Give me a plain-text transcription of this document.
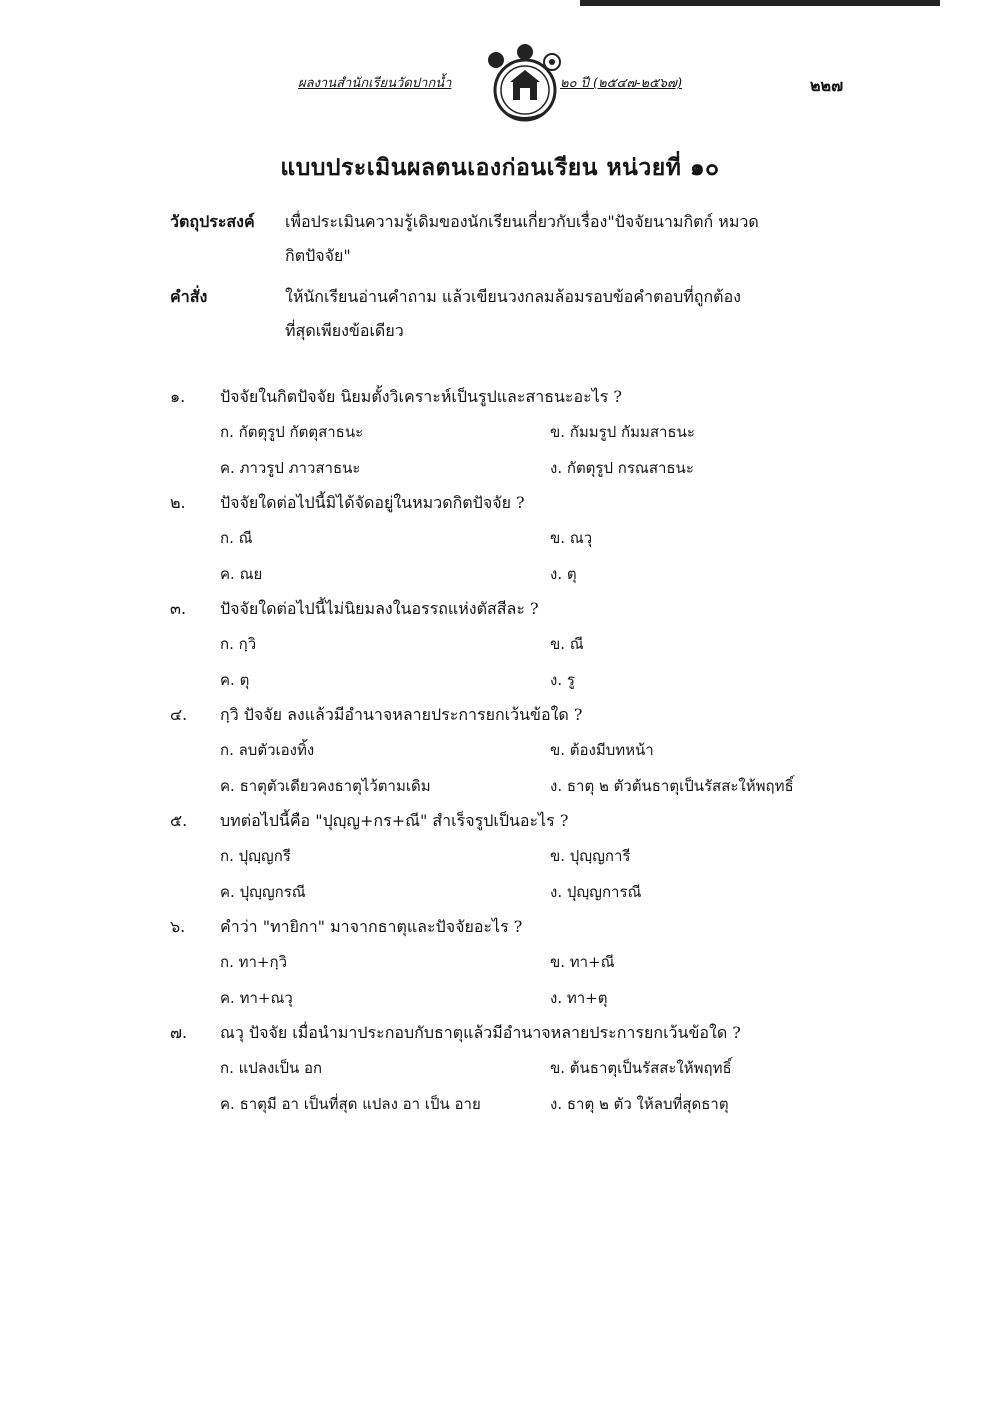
ผลงานสำนักเรียนวัดปากน้ำ	๒๐ ปี (๒๕๔๗-๒๕๖๗)	๒๒๗
แบบประเมินผลตนเองก่อนเรียน หน่วยที่ ๑๐
วัตถุประสงค์ เพื่อประเมินความรู้เดิมของนักเรียนเกี่ยวกับเรื่อง"ปัจจัยนามกิตก์ หมวด
กิตปัจจัย"
คำสั่ง	ให้นักเรียนอ่านคำถาม แล้วเขียนวงกลมล้อมรอบข้อคำตอบที่ถูกต้อง
ที่สุดเพียงข้อเดียว
๑. ปัจจัยในกิตปัจจัย นิยมตั้งวิเคราะห์เป็นรูปและสาธนะอะไร ?
ก. กัตตุรูป กัตตุสาธนะ	ข. กัมมรูป กัมมสาธนะ
ค. ภาวรูป ภาวสาธนะ	ง. กัตตุรูป กรณสาธนะ
๒. ปัจจัยใดต่อไปนี้มิได้จัดอยู่ในหมวดกิตปัจจัย ?
ก. ณี	ข. ณวุ
ค. ณย	ง. ตุ
๓. ปัจจัยใดต่อไปนี้ไม่นิยมลงในอรรถแห่งตัสสีละ ?
ก. กฺวิ	ข. ณี
ค. ตุ	ง. รู
๔. กฺวิ ปัจจัย ลงแล้วมีอำนาจหลายประการยกเว้นข้อใด ?
ก. ลบตัวเองทิ้ง	ข. ต้องมีบทหน้า
ค. ธาตุตัวเดียวคงธาตุไว้ตามเดิม	ง. ธาตุ ๒ ตัวต้นธาตุเป็นรัสสะให้พฤทธิ์
๕. บทต่อไปนี้คือ "ปุญฺญ+กร+ณี" สำเร็จรูปเป็นอะไร ?
ก. ปุญฺญกรี	ข. ปุญฺญการี
ค. ปุญฺญกรณี	ง. ปุญฺญการณี
๖. คำว่า "ทายิกา" มาจากธาตุและปัจจัยอะไร ?
ก. ทา+กฺวิ	ข. ทา+ณี
ค. ทา+ณวุ	ง. ทา+ตุ
๗. ณวุ ปัจจัย เมื่อนำมาประกอบกับธาตุแล้วมีอำนาจหลายประการยกเว้นข้อใด ?
ก. แปลงเป็น อก	ข. ต้นธาตุเป็นรัสสะให้พฤทธิ์
ค. ธาตุมี อา เป็นที่สุด แปลง อา เป็น อาย	ง. ธาตุ ๒ ตัว ให้ลบที่สุดธาตุ
